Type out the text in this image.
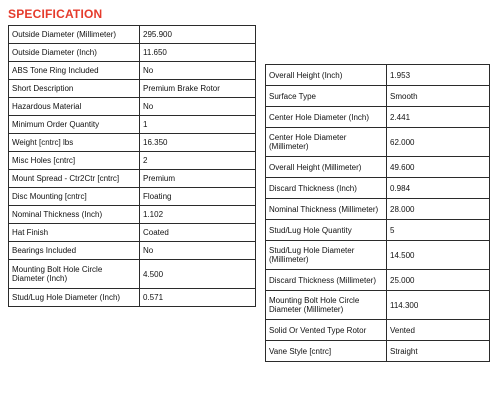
SPECIFICATION
Outside Diameter (Millimeter)	295.900
Outside Diameter (Inch)	11.650
ABS Tone Ring Included	No
Short Description	Premium Brake Rotor
Hazardous Material	No
Minimum Order Quantity	1
Weight [cntrc] lbs	16.350
Misc Holes [cntrc]	2
Mount Spread - Ctr2Ctr [cntrc]	Premium
Disc Mounting [cntrc]	Floating
Nominal Thickness (Inch)	1.102
Hat Finish	Coated
Bearings Included	No
Mounting Bolt Hole Circle Diameter (Inch)	4.500
Stud/Lug Hole Diameter (Inch)	0.571
Overall Height (Inch)	1.953
Surface Type	Smooth
Center Hole Diameter (Inch)	2.441
Center Hole Diameter (Millimeter)	62.000
Overall Height (Millimeter)	49.600
Discard Thickness (Inch)	0.984
Nominal Thickness (Millimeter)	28.000
Stud/Lug Hole Quantity	5
Stud/Lug Hole Diameter (Millimeter)	14.500
Discard Thickness (Millimeter)	25.000
Mounting Bolt Hole Circle Diameter (Millimeter)	114.300
Solid Or Vented Type Rotor	Vented
Vane Style [cntrc]	Straight
